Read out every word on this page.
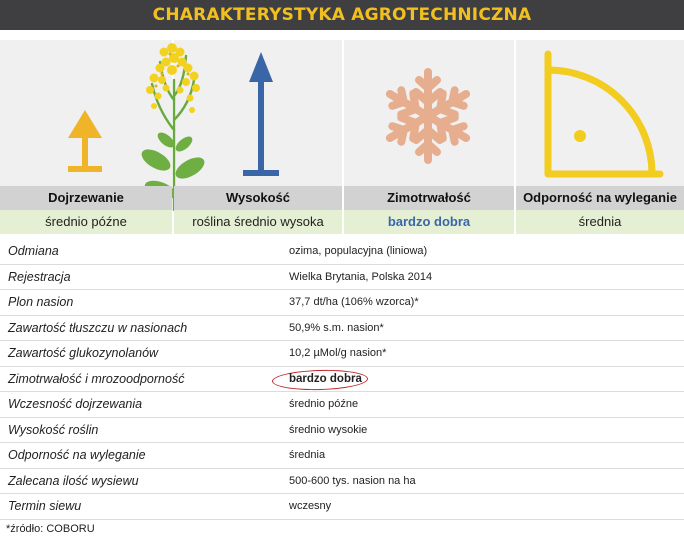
CHARAKTERYSTYKA AGROTECHNICZNA
Dojrzewanie	Wysokość	Zimotrwałość	Odporność na wyleganie
średnio późne	roślina średnio wysoka	bardzo dobra	średnia
Odmiana	ozima, populacyjna (liniowa)
Rejestracja	Wielka Brytania, Polska 2014
Plon nasion	37,7 dt/ha (106% wzorca)*
Zawartość tłuszczu w nasionach	50,9% s.m. nasion*
Zawartość glukozynolanów	10,2 µMol/g nasion*
Zimotrwałość i mrozoodporność	bardzo dobra
Wczesność dojrzewania	średnio późne
Wysokość roślin	średnio wysokie
Odporność na wyleganie	średnia
Zalecana ilość wysiewu	500-600 tys. nasion na ha
Termin siewu	wczesny
*źródło: COBORU
